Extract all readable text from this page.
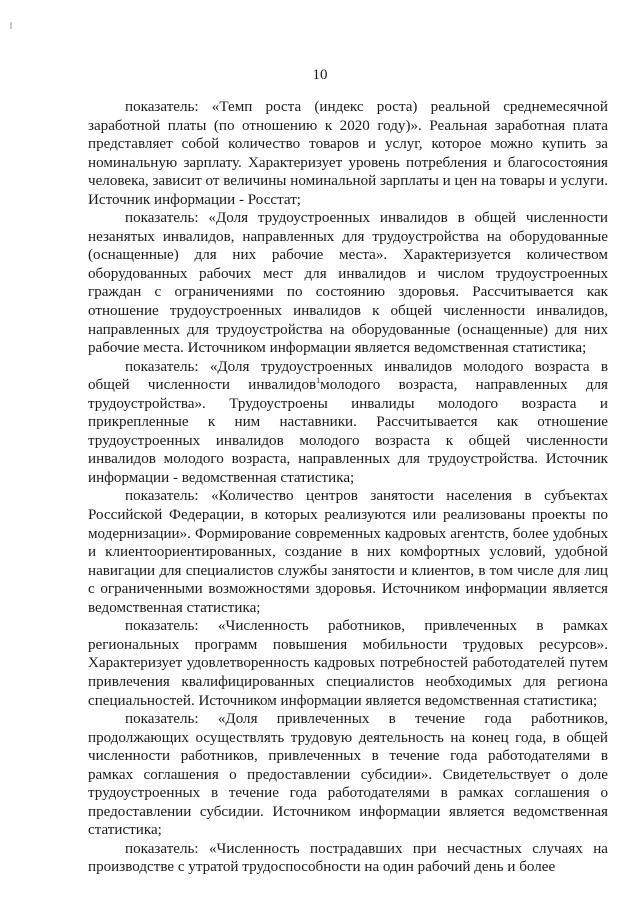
10

показатель: «Темп роста (индекс роста) реальной среднемесячной заработной платы (по отношению к 2020 году)». Реальная заработная плата представляет собой количество товаров и услуг, которое можно купить за номинальную зарплату. Характеризует уровень потребления и благосостояния человека, зависит от величины номинальной зарплаты и цен на товары и услуги. Источник информации - Росстат;

показатель: «Доля трудоустроенных инвалидов в общей численности незанятых инвалидов, направленных для трудоустройства на оборудованные (оснащенные) для них рабочие места». Характеризуется количеством оборудованных рабочих мест для инвалидов и числом трудоустроенных граждан с ограничениями по состоянию здоровья. Рассчитывается как отношение трудоустроенных инвалидов к общей численности инвалидов, направленных для трудоустройства на оборудованные (оснащенные) для них рабочие места. Источником информации является ведомственная статистика;

показатель: «Доля трудоустроенных инвалидов молодого возраста в общей численности инвалидов$^1$молодого возраста, направленных для трудоустройства». Трудоустроены инвалиды молодого возраста и прикрепленные к ним наставники. Рассчитывается как отношение трудоустроенных инвалидов молодого возраста к общей численности инвалидов молодого возраста, направленных для трудоустройства. Источник информации - ведомственная статистика;

показатель: «Количество центров занятости населения в субъектах Российской Федерации, в которых реализуются или реализованы проекты по модернизации». Формирование современных кадровых агентств, более удобных и клиентоориентированных, создание в них комфортных условий, удобной навигации для специалистов службы занятости и клиентов, в том числе для лиц с ограниченными возможностями здоровья. Источником информации является ведомственная статистика;

показатель: «Численность работников, привлеченных в рамках региональных программ повышения мобильности трудовых ресурсов». Характеризует удовлетворенность кадровых потребностей работодателей путем привлечения квалифицированных специалистов необходимых для региона специальностей. Источником информации является ведомственная статистика;

показатель: «Доля привлеченных в течение года работников, продолжающих осуществлять трудовую деятельность на конец года, в общей численности работников, привлеченных в течение года работодателями в рамках соглашения о предоставлении субсидии». Свидетельствует о доле трудоустроенных в течение года работодателями в рамках соглашения о предоставлении субсидии. Источником информации является ведомственная статистика;

показатель: «Численность пострадавших при несчастных случаях на производстве с утратой трудоспособности на один рабочий день и более
